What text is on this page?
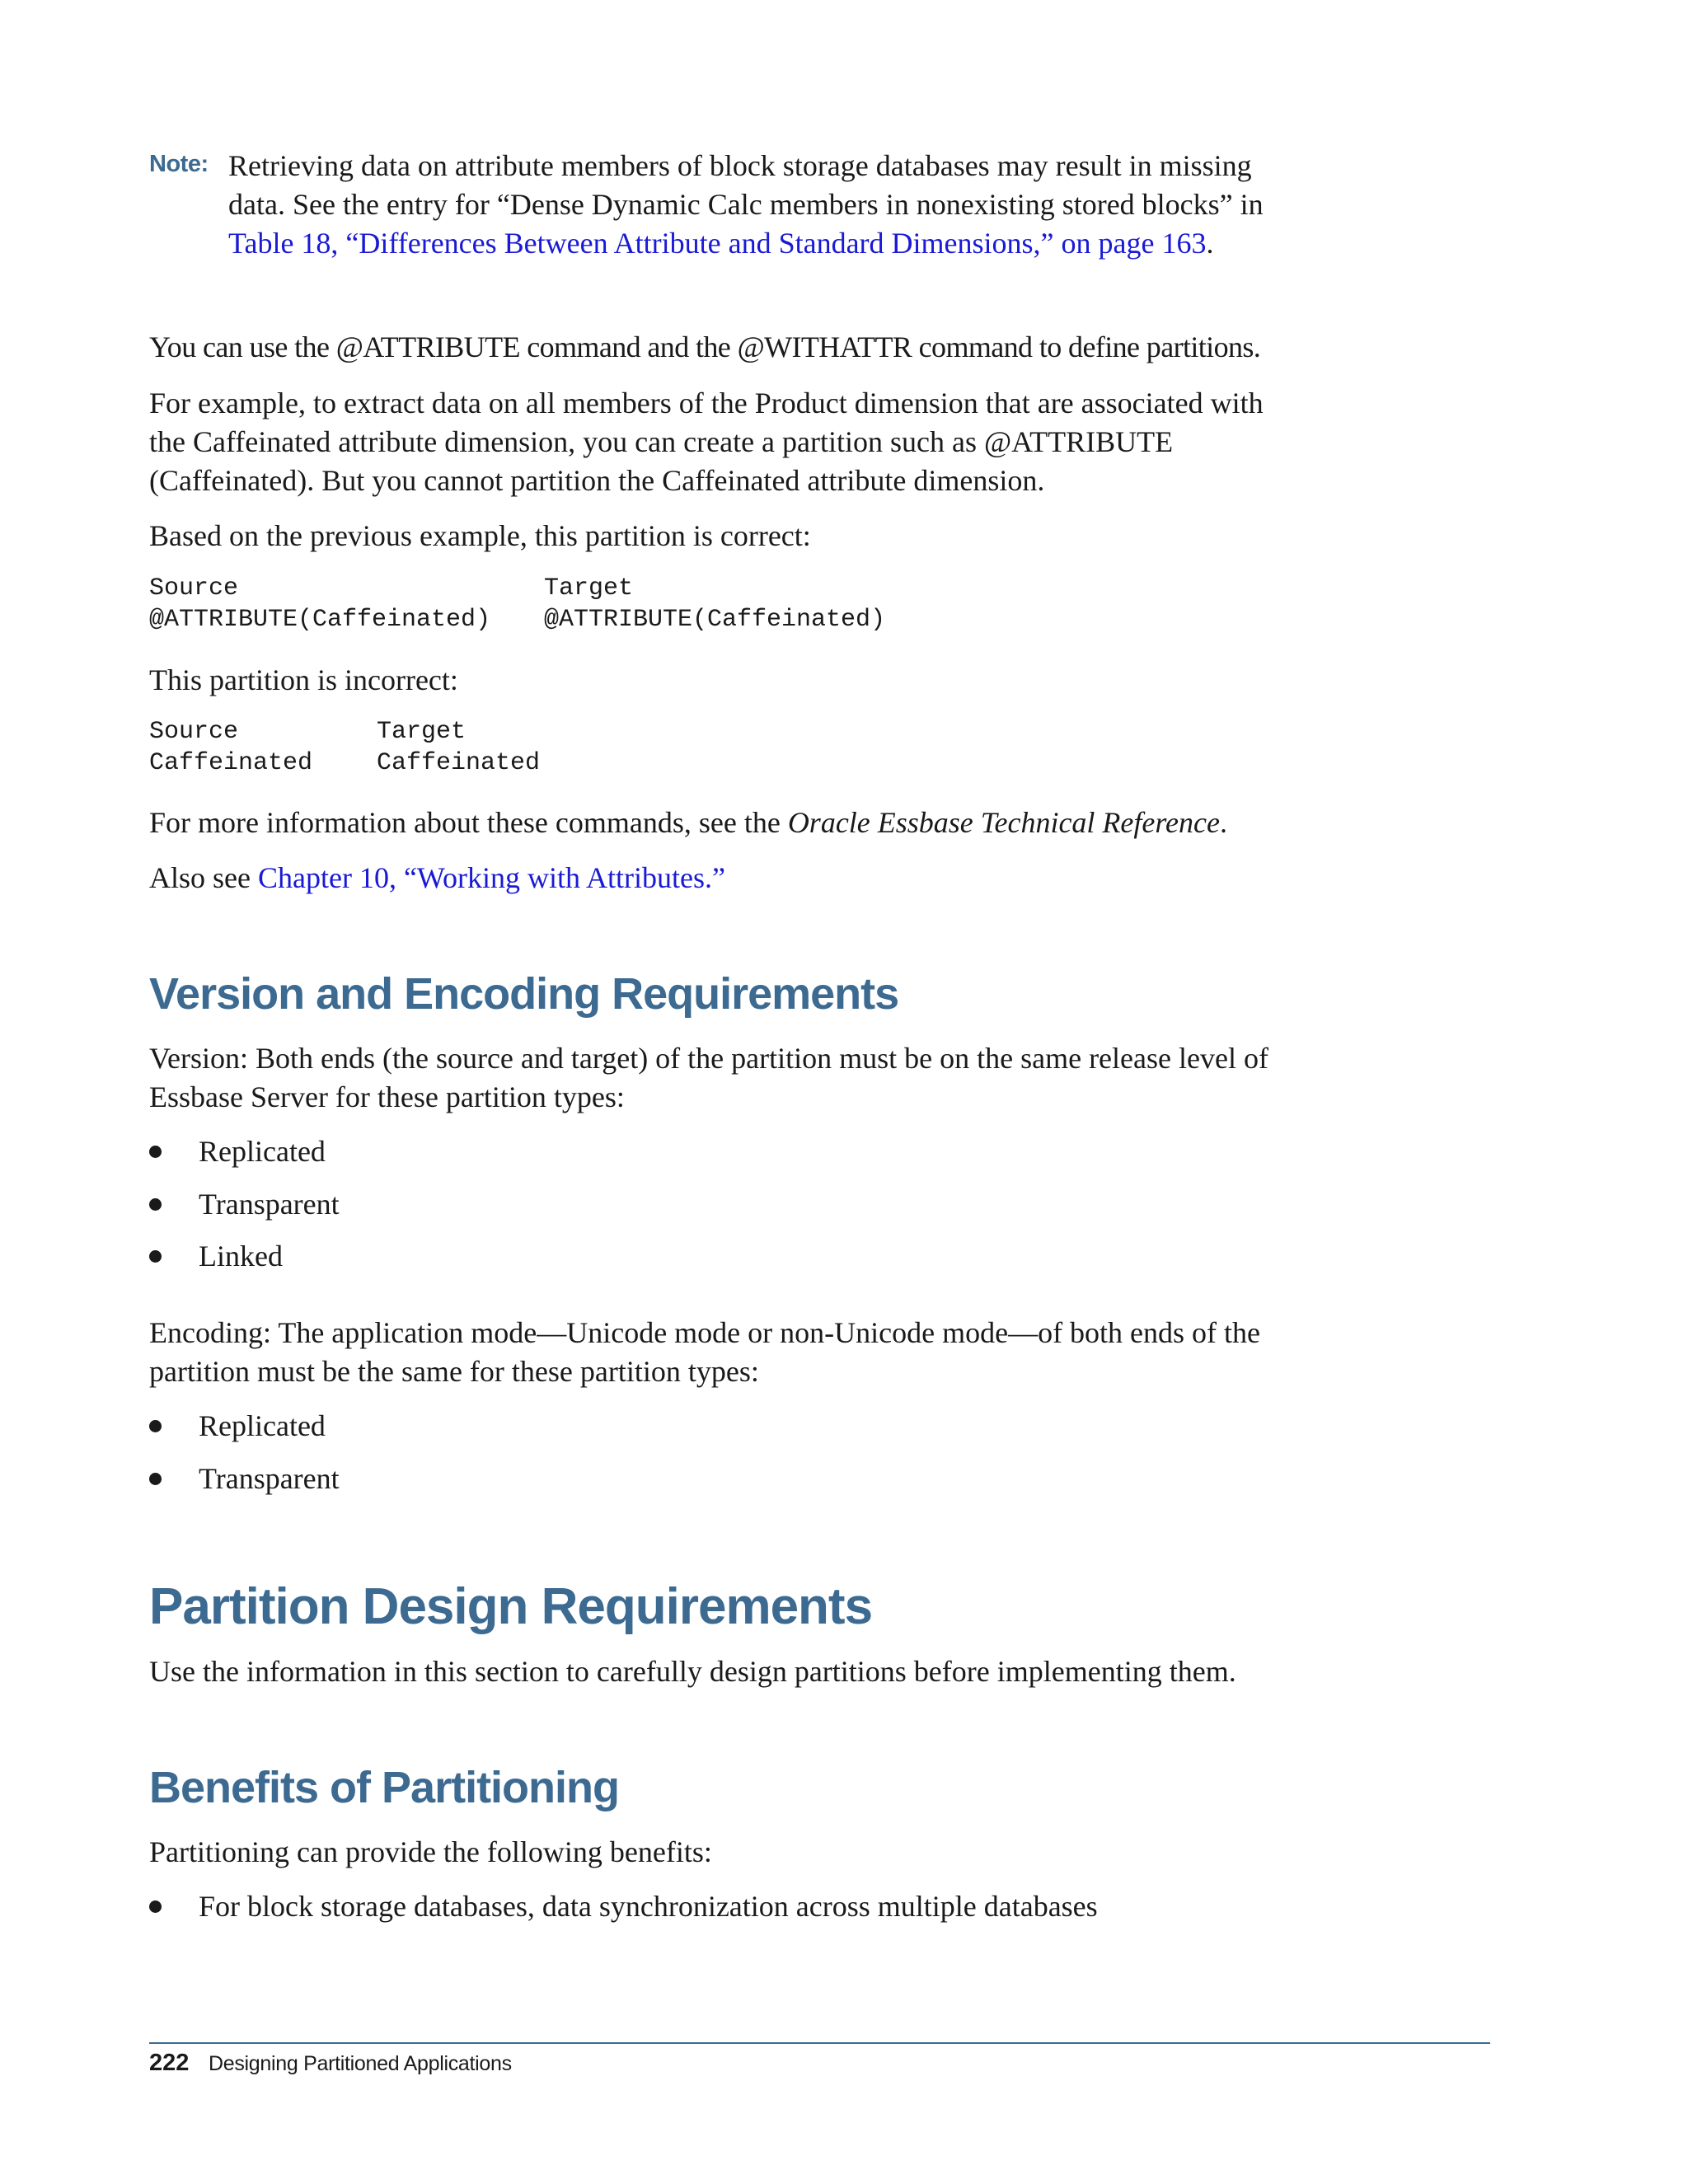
Note: Retrieving data on attribute members of block storage databases may result in missing

data. See the entry for “Dense Dynamic Calc members in nonexisting stored blocks” in

Table 18, “Differences Between Attribute and Standard Dimensions,” on page 163.

You can use the @ATTRIBUTE command and the @WITHATTR command to define partitions.

For example, to extract data on all members of the Product dimension that are associated with

the Caffeinated attribute dimension, you can create a partition such as @ATTRIBUTE

(Caffeinated). But you cannot partition the Caffeinated attribute dimension.

Based on the previous example, this partition is correct:

Source	Target
@ATTRIBUTE(Caffeinated) @ATTRIBUTE(Caffeinated)

This partition is incorrect:

Source	Target
Caffeinated	Caffeinated

For more information about these commands, see the Oracle Essbase Technical Reference.

Also see Chapter 10, “Working with Attributes.”

Version and Encoding Requirements

Version: Both ends (the source and target) of the partition must be on the same release level of

Essbase Server for these partition types:

Replicated
Transparent
Linked

Encoding: The application mode—Unicode mode or non-Unicode mode—of both ends of the

partition must be the same for these partition types:

Replicated
Transparent
Partition Design Requirements

Use the information in this section to carefully design partitions before implementing them.

Benefits of Partitioning

Partitioning can provide the following benefits:

For block storage databases, data synchronization across multiple databases
222 Designing Partitioned Applications
